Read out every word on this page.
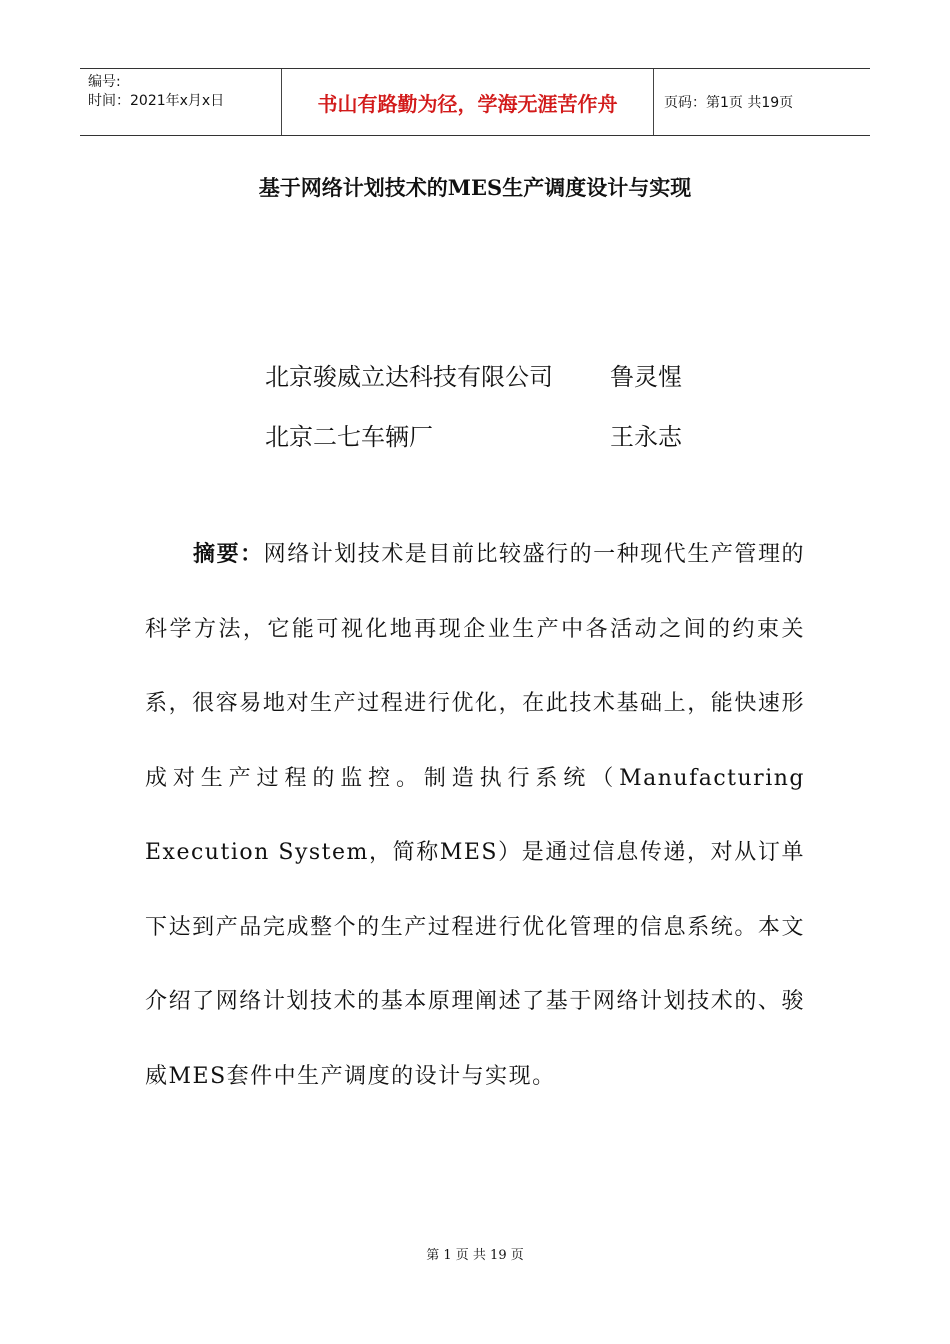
编号:
时间：2021年x月x日	书山有路勤为径，学海无涯苦作舟	页码：第1页 共19页
基于网络计划技术的MES生产调度设计与实现
北京骏威立达科技有限公司	鲁灵惺
北京二七车辆厂	王永志
摘要：网络计划技术是目前比较盛行的一种现代生产管理的科学方法，它能可视化地再现企业生产中各活动之间的约束关系，很容易地对生产过程进行优化，在此技术基础上，能快速形成对生产过程的监控。制造执行系统（Manufacturing Execution System，简称MES）是通过信息传递，对从订单下达到产品完成整个的生产过程进行优化管理的信息系统。本文介绍了网络计划技术的基本原理阐述了基于网络计划技术的、骏威MES套件中生产调度的设计与实现。
第 1 页 共 19 页
